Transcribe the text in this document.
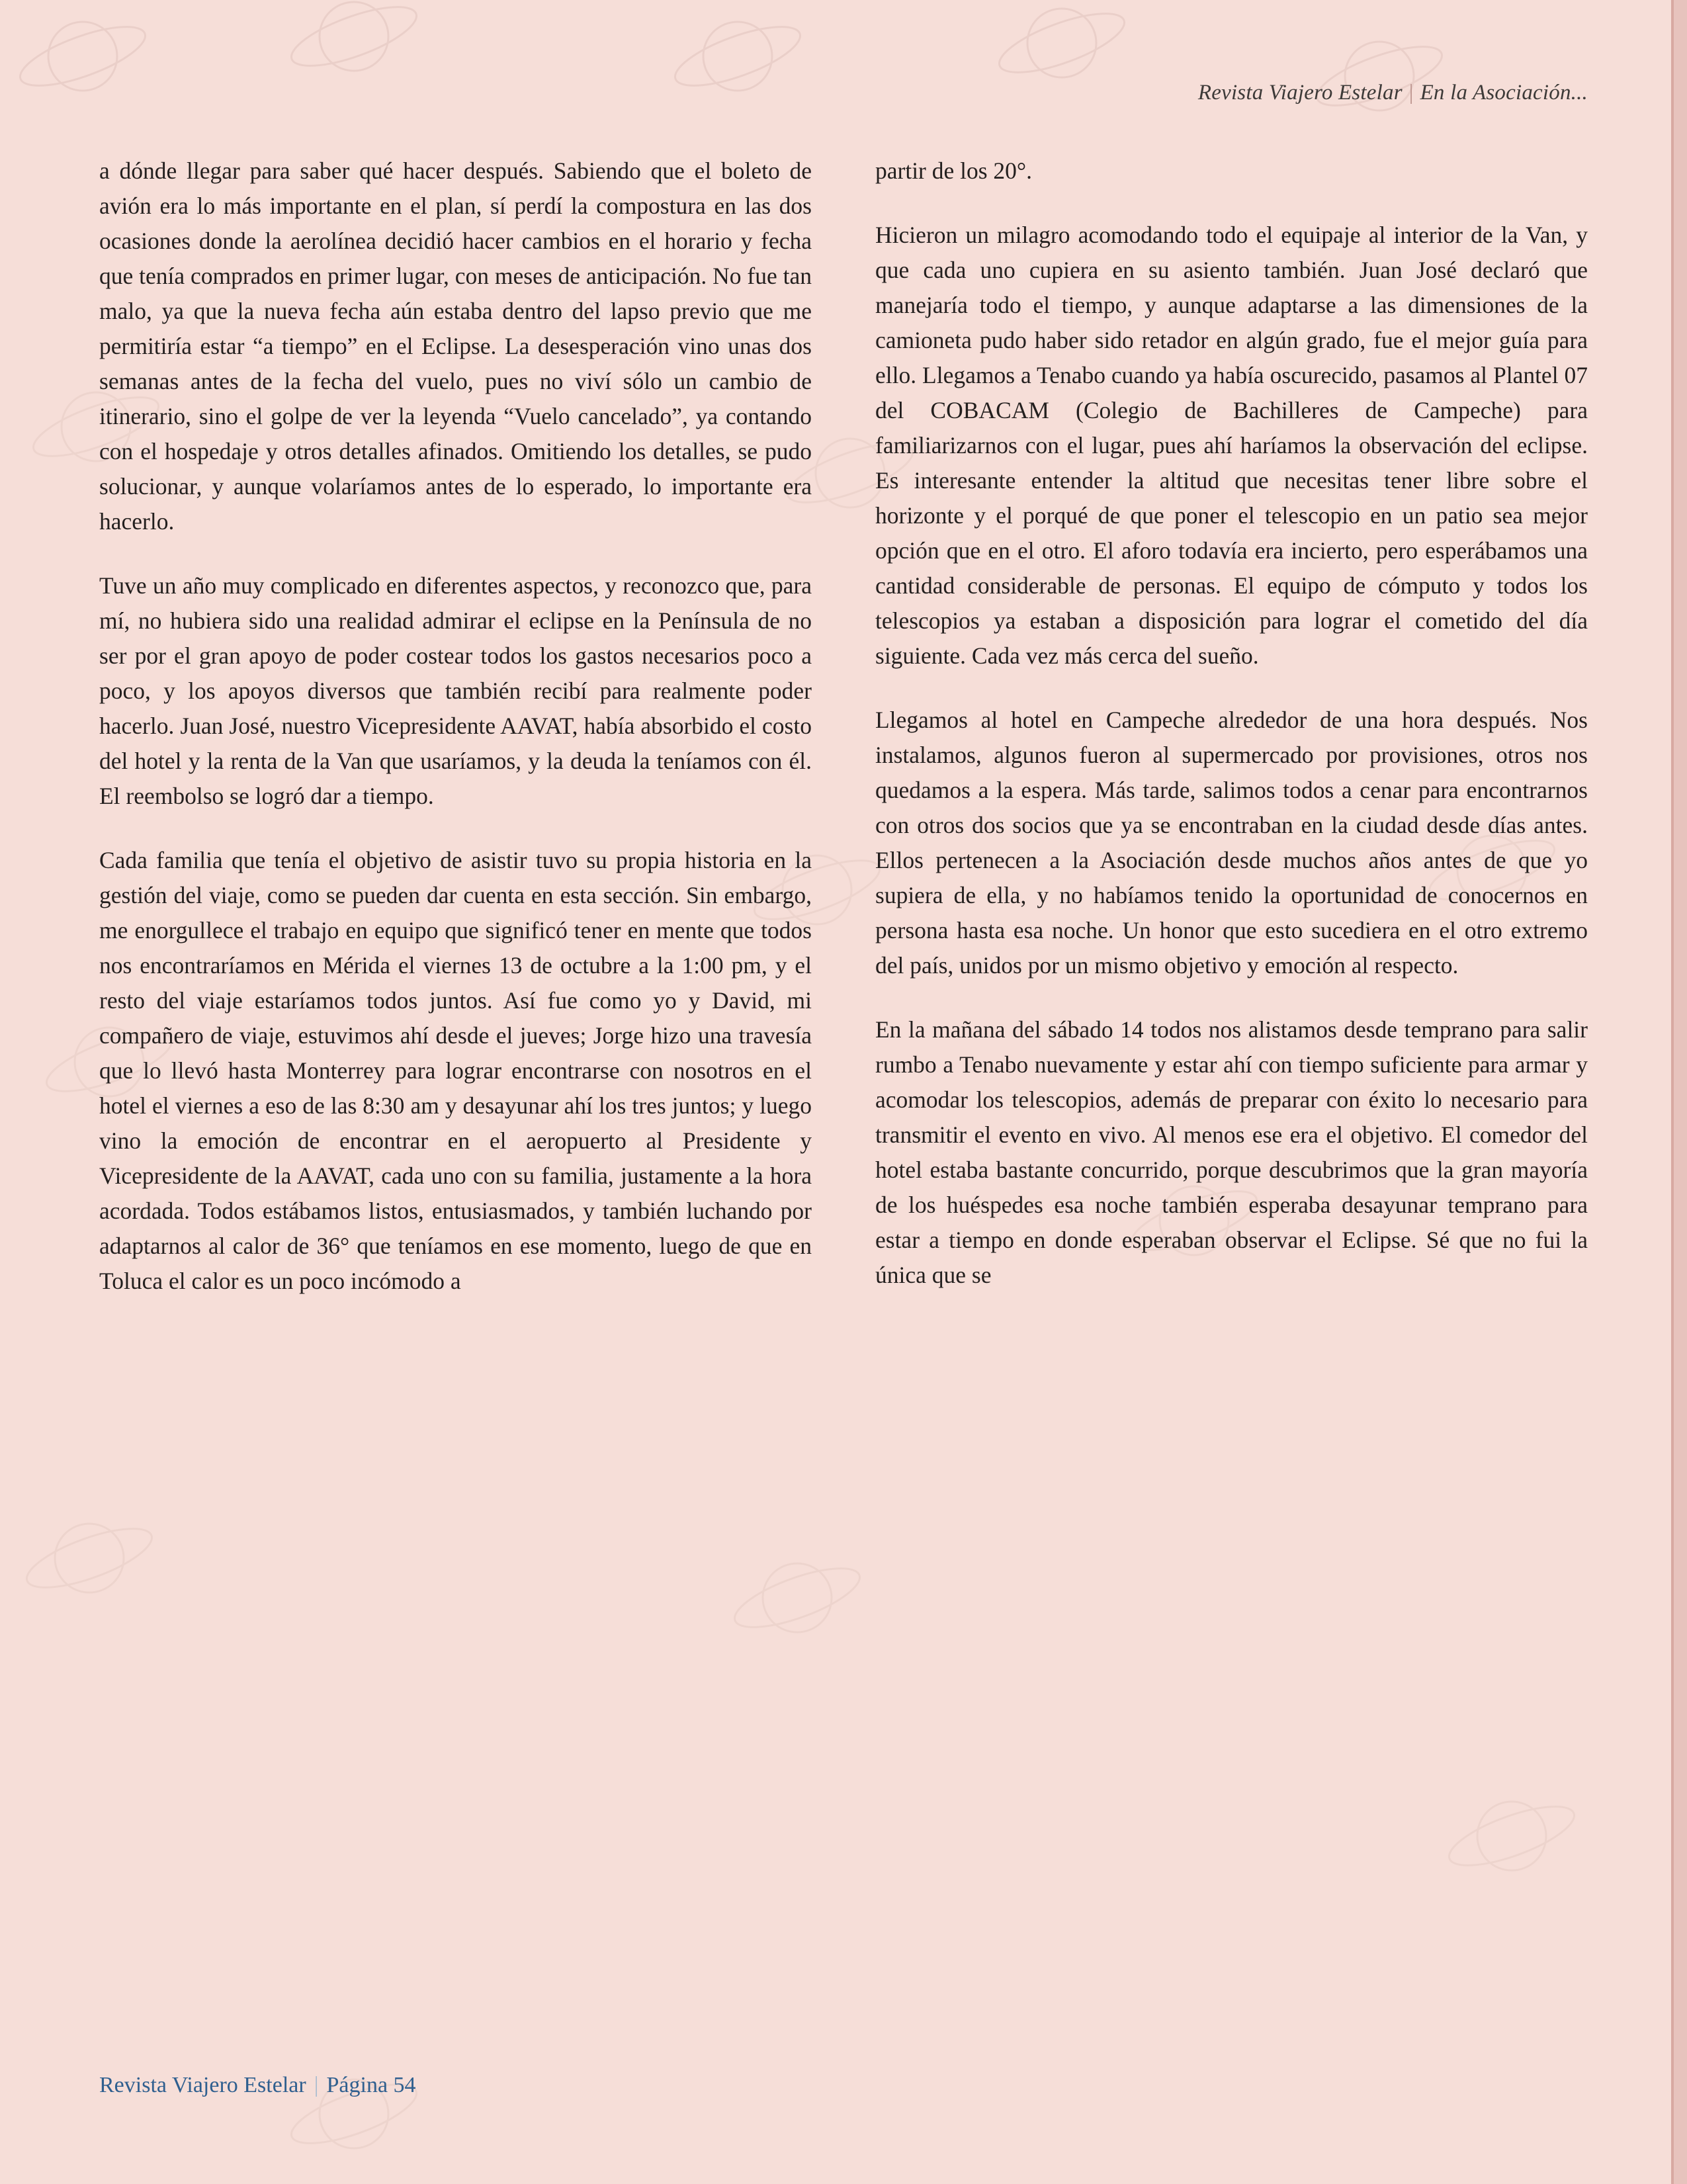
Revista Viajero Estelar | En la Asociación...

a dónde llegar para saber qué hacer después. Sabiendo que el boleto de avión era lo más importante en el plan, sí perdí la compostura en las dos ocasiones donde la aerolínea decidió hacer cambios en el horario y fecha que tenía comprados en primer lugar, con meses de anticipación. No fue tan malo, ya que la nueva fecha aún estaba dentro del lapso previo que me permitiría estar “a tiempo” en el Eclipse. La desesperación vino unas dos semanas antes de la fecha del vuelo, pues no viví sólo un cambio de itinerario, sino el golpe de ver la leyenda “Vuelo cancelado”, ya contando con el hospedaje y otros detalles afinados. Omitiendo los detalles, se pudo solucionar, y aunque volaríamos antes de lo esperado, lo importante era hacerlo.

Tuve un año muy complicado en diferentes aspectos, y reconozco que, para mí, no hubiera sido una realidad admirar el eclipse en la Península de no ser por el gran apoyo de poder costear todos los gastos necesarios poco a poco, y los apoyos diversos que también recibí para realmente poder hacerlo. Juan José, nuestro Vicepresidente AAVAT, había absorbido el costo del hotel y la renta de la Van que usaríamos, y la deuda la teníamos con él. El reembolso se logró dar a tiempo.

Cada familia que tenía el objetivo de asistir tuvo su propia historia en la gestión del viaje, como se pueden dar cuenta en esta sección. Sin embargo, me enorgullece el trabajo en equipo que significó tener en mente que todos nos encontraríamos en Mérida el viernes 13 de octubre a la 1:00 pm, y el resto del viaje estaríamos todos juntos. Así fue como yo y David, mi compañero de viaje, estuvimos ahí desde el jueves; Jorge hizo una travesía que lo llevó hasta Monterrey para lograr encontrarse con nosotros en el hotel el viernes a eso de las 8:30 am y desayunar ahí los tres juntos; y luego vino la emoción de encontrar en el aeropuerto al Presidente y Vicepresidente de la AAVAT, cada uno con su familia, justamente a la hora acordada. Todos estábamos listos, entusiasmados, y también luchando por adaptarnos al calor de 36° que teníamos en ese momento, luego de que en Toluca el calor es un poco incómodo a

partir de los 20°.

Hicieron un milagro acomodando todo el equipaje al interior de la Van, y que cada uno cupiera en su asiento también. Juan José declaró que manejaría todo el tiempo, y aunque adaptarse a las dimensiones de la camioneta pudo haber sido retador en algún grado, fue el mejor guía para ello. Llegamos a Tenabo cuando ya había oscurecido, pasamos al Plantel 07 del COBACAM (Colegio de Bachilleres de Campeche) para familiarizarnos con el lugar, pues ahí haríamos la observación del eclipse. Es interesante entender la altitud que necesitas tener libre sobre el horizonte y el porqué de que poner el telescopio en un patio sea mejor opción que en el otro. El aforo todavía era incierto, pero esperábamos una cantidad considerable de personas. El equipo de cómputo y todos los telescopios ya estaban a disposición para lograr el cometido del día siguiente. Cada vez más cerca del sueño.

Llegamos al hotel en Campeche alrededor de una hora después. Nos instalamos, algunos fueron al supermercado por provisiones, otros nos quedamos a la espera. Más tarde, salimos todos a cenar para encontrarnos con otros dos socios que ya se encontraban en la ciudad desde días antes. Ellos pertenecen a la Asociación desde muchos años antes de que yo supiera de ella, y no habíamos tenido la oportunidad de conocernos en persona hasta esa noche. Un honor que esto sucediera en el otro extremo del país, unidos por un mismo objetivo y emoción al respecto.

En la mañana del sábado 14 todos nos alistamos desde temprano para salir rumbo a Tenabo nuevamente y estar ahí con tiempo suficiente para armar y acomodar los telescopios, además de preparar con éxito lo necesario para transmitir el evento en vivo. Al menos ese era el objetivo. El comedor del hotel estaba bastante concurrido, porque descubrimos que la gran mayoría de los huéspedes esa noche también esperaba desayunar temprano para estar a tiempo en donde esperaban observar el Eclipse. Sé que no fui la única que se

Revista Viajero Estelar | Página 54
